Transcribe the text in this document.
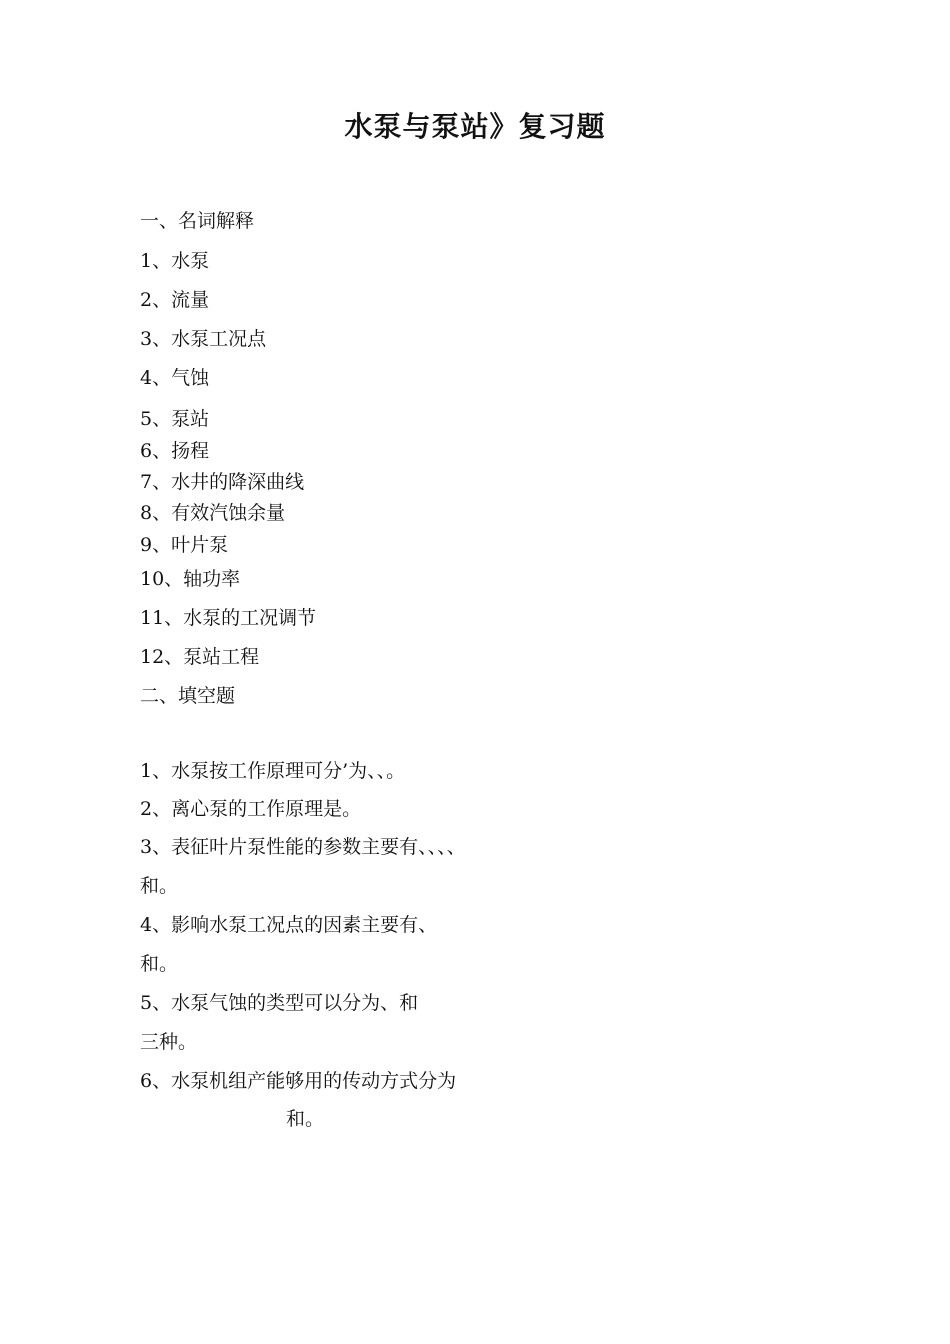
水泵与泵站》复习题
一、名词解释
1、水泵
2、流量
3、水泵工况点
4、气蚀
5、泵站
6、扬程
7、水井的降深曲线
8、有效汽蚀余量
9、叶片泵
10、轴功率
11、水泵的工况调节
12、泵站工程
二、填空题
1、水泵按工作原理可分’为、、。
2、离心泵的工作原理是。
3、表征叶片泵性能的参数主要有、、、、
和。
4、影响水泵工况点的因素主要有、
和。
5、水泵气蚀的类型可以分为、和
三种。
6、水泵机组产能够用的传动方式分为
和。
